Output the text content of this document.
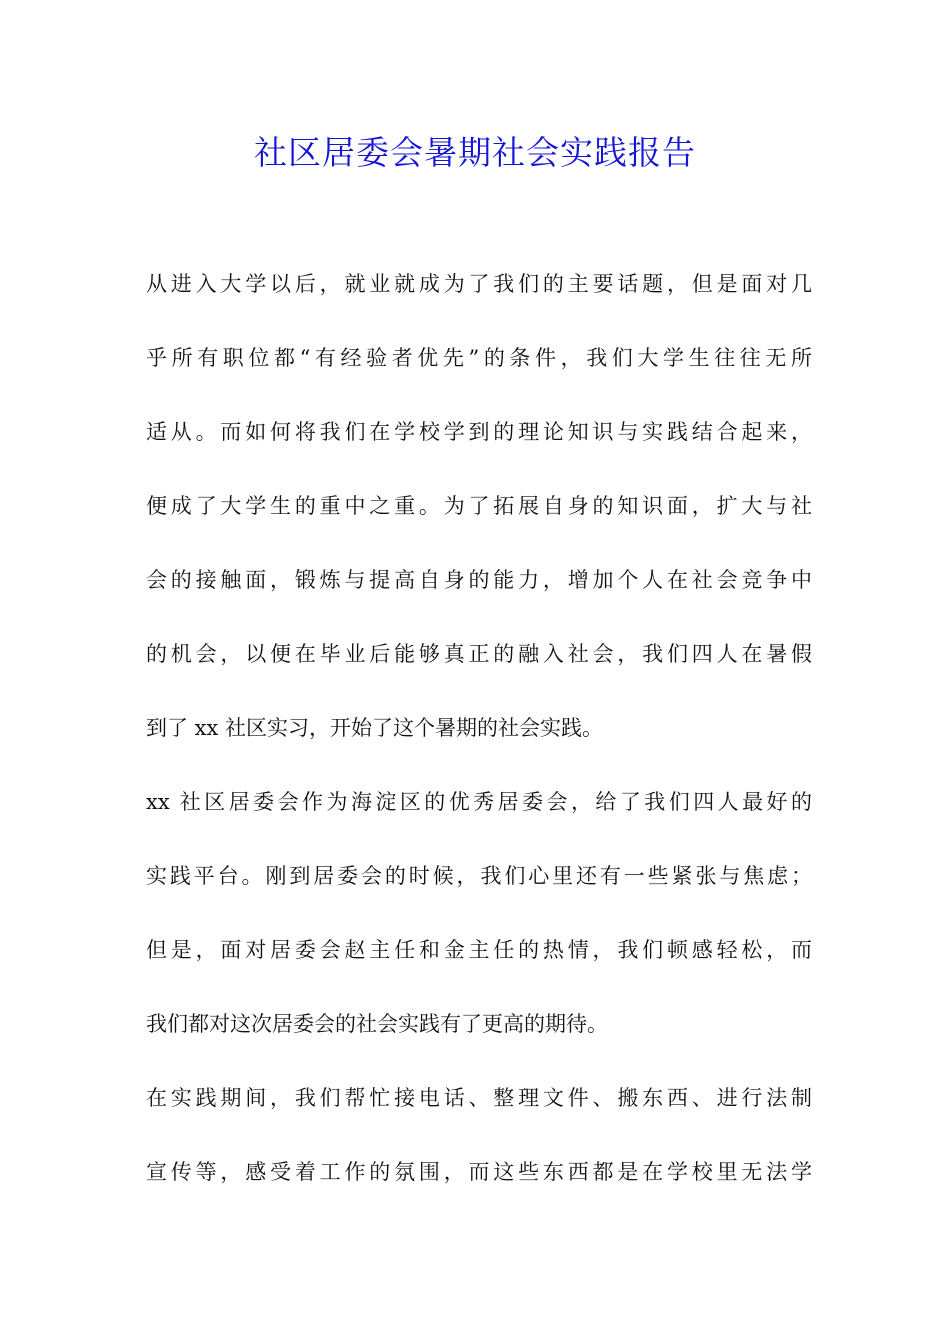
社区居委会暑期社会实践报告
从进入大学以后，就业就成为了我们的主要话题，但是面对几
乎所有职位都“有经验者优先”的条件，我们大学生往往无所
适从。而如何将我们在学校学到的理论知识与实践结合起来，
便成了大学生的重中之重。为了拓展自身的知识面，扩大与社
会的接触面，锻炼与提高自身的能力，增加个人在社会竞争中
的机会，以便在毕业后能够真正的融入社会，我们四人在暑假
到了 xx 社区实习，开始了这个暑期的社会实践。
xx 社区居委会作为海淀区的优秀居委会，给了我们四人最好的
实践平台。刚到居委会的时候，我们心里还有一些紧张与焦虑；
但是，面对居委会赵主任和金主任的热情，我们顿感轻松，而
我们都对这次居委会的社会实践有了更高的期待。
在实践期间，我们帮忙接电话、整理文件、搬东西、进行法制
宣传等，感受着工作的氛围，而这些东西都是在学校里无法学
